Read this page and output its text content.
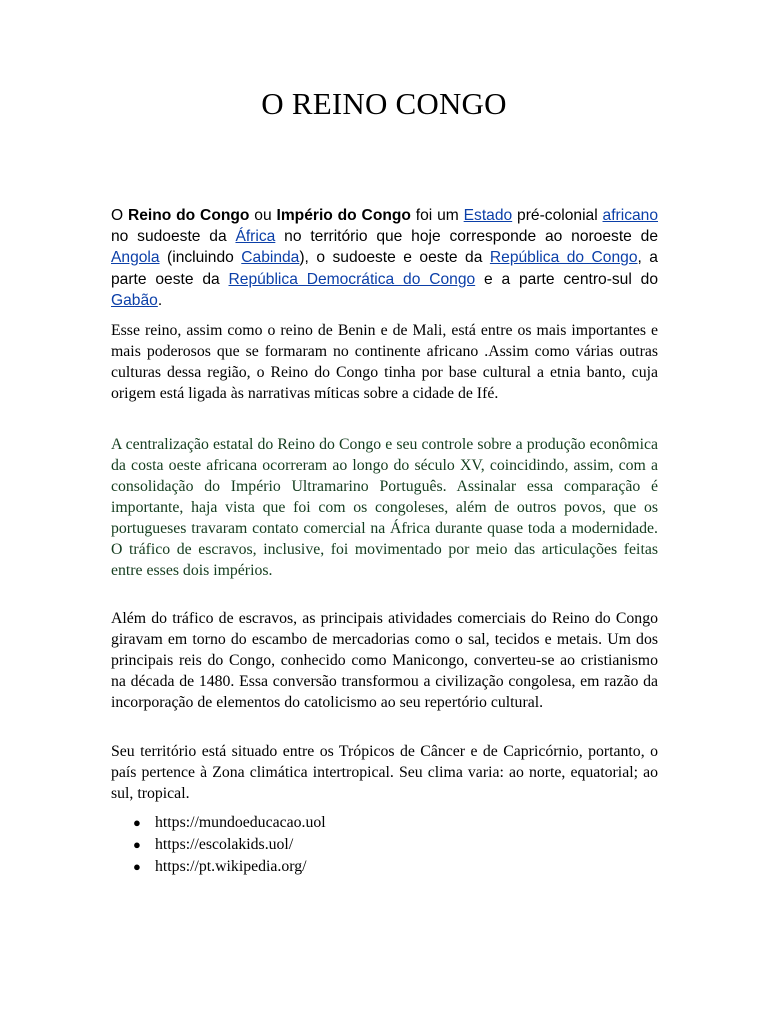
O REINO CONGO

O Reino do Congo ou Império do Congo foi um Estado pré-colonial africano no sudoeste da África no território que hoje corresponde ao noroeste de Angola (incluindo Cabinda), o sudoeste e oeste da República do Congo, a parte oeste da República Democrática do Congo e a parte centro-sul do Gabão.

Esse reino, assim como o reino de Benin e de Mali, está entre os mais importantes e mais poderosos que se formaram no continente africano .Assim como várias outras culturas dessa região, o Reino do Congo tinha por base cultural a etnia banto, cuja origem está ligada às narrativas míticas sobre a cidade de Ifé.

A centralização estatal do Reino do Congo e seu controle sobre a produção econômica da costa oeste africana ocorreram ao longo do século XV, coincidindo, assim, com a consolidação do Império Ultramarino Português. Assinalar essa comparação é importante, haja vista que foi com os congoleses, além de outros povos, que os portugueses travaram contato comercial na África durante quase toda a modernidade. O tráfico de escravos, inclusive, foi movimentado por meio das articulações feitas entre esses dois impérios.

Além do tráfico de escravos, as principais atividades comerciais do Reino do Congo giravam em torno do escambo de mercadorias como o sal, tecidos e metais. Um dos principais reis do Congo, conhecido como Manicongo, converteu-se ao cristianismo na década de 1480. Essa conversão transformou a civilização congolesa, em razão da incorporação de elementos do catolicismo ao seu repertório cultural.

Seu território está situado entre os Trópicos de Câncer e de Capricórnio, portanto, o país pertence à Zona climática intertropical. Seu clima varia: ao norte, equatorial; ao sul, tropical.

● https://mundoeducacao.uol
● https://escolakids.uol/
● https://pt.wikipedia.org/
